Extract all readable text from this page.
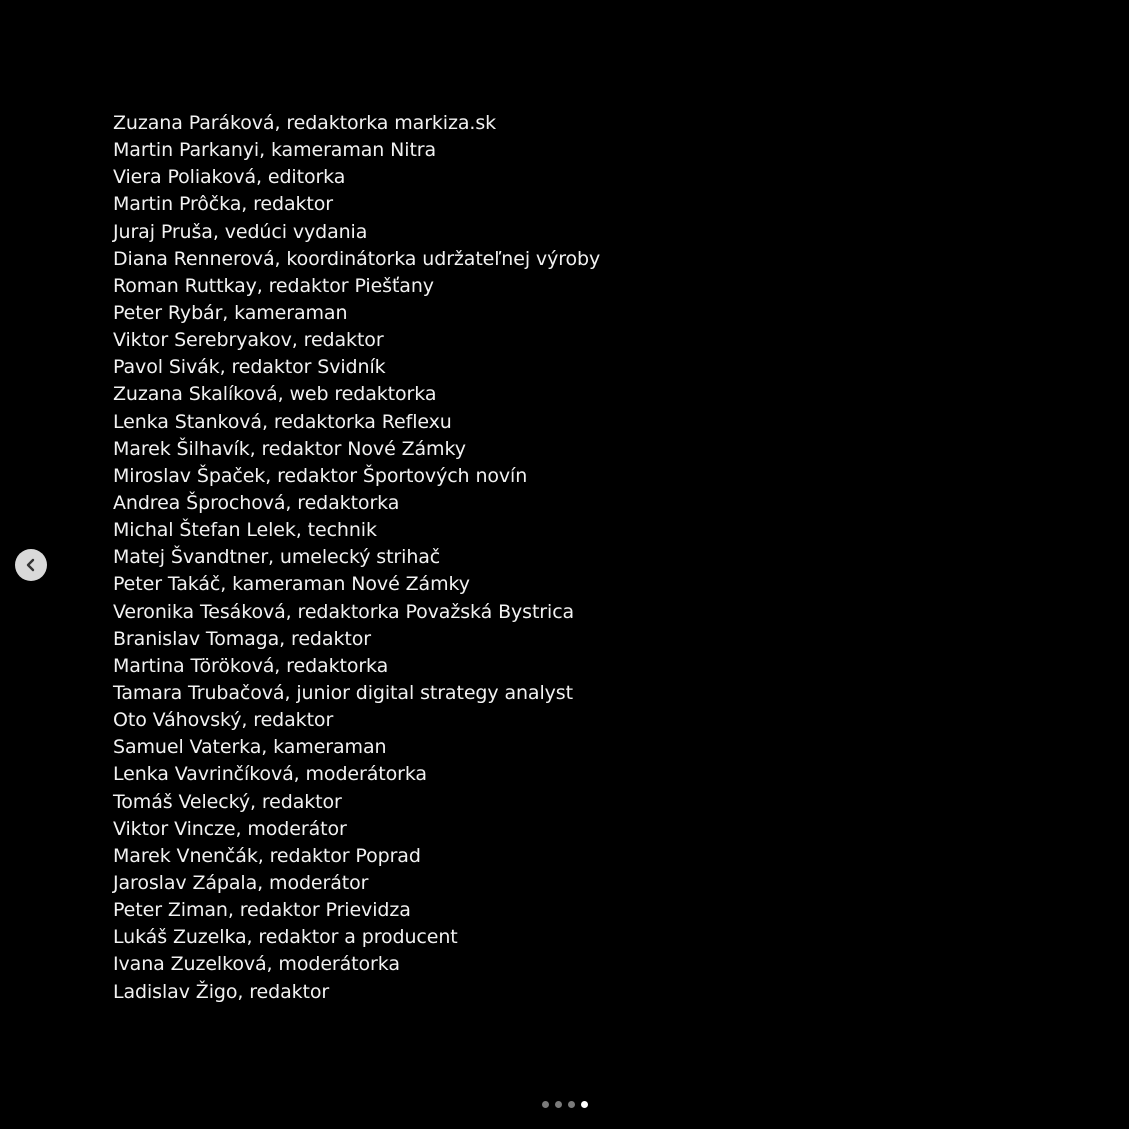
Zuzana Paráková, redaktorka markiza.sk
Martin Parkanyi, kameraman Nitra
Viera Poliaková, editorka
Martin Prôčka, redaktor
Juraj Pruša, vedúci vydania
Diana Rennerová, koordinátorka udržateľnej výroby
Roman Ruttkay, redaktor Piešťany
Peter Rybár, kameraman
Viktor Serebryakov, redaktor
Pavol Sivák, redaktor Svidník
Zuzana Skalíková, web redaktorka
Lenka Stanková, redaktorka Reflexu
Marek Šilhavík, redaktor Nové Zámky
Miroslav Špaček, redaktor Športových novín
Andrea Šprochová, redaktorka
Michal Štefan Lelek, technik
Matej Švandtner, umelecký strihač
Peter Takáč, kameraman Nové Zámky
Veronika Tesáková, redaktorka Považská Bystrica
Branislav Tomaga, redaktor
Martina Töröková, redaktorka
Tamara Trubačová, junior digital strategy analyst
Oto Váhovský, redaktor
Samuel Vaterka, kameraman
Lenka Vavrinčíková, moderátorka
Tomáš Velecký, redaktor
Viktor Vincze, moderátor
Marek Vnenčák, redaktor Poprad
Jaroslav Zápala, moderátor
Peter Ziman, redaktor Prievidza
Lukáš Zuzelka, redaktor a producent
Ivana Zuzelková, moderátorka
Ladislav Žigo, redaktor
